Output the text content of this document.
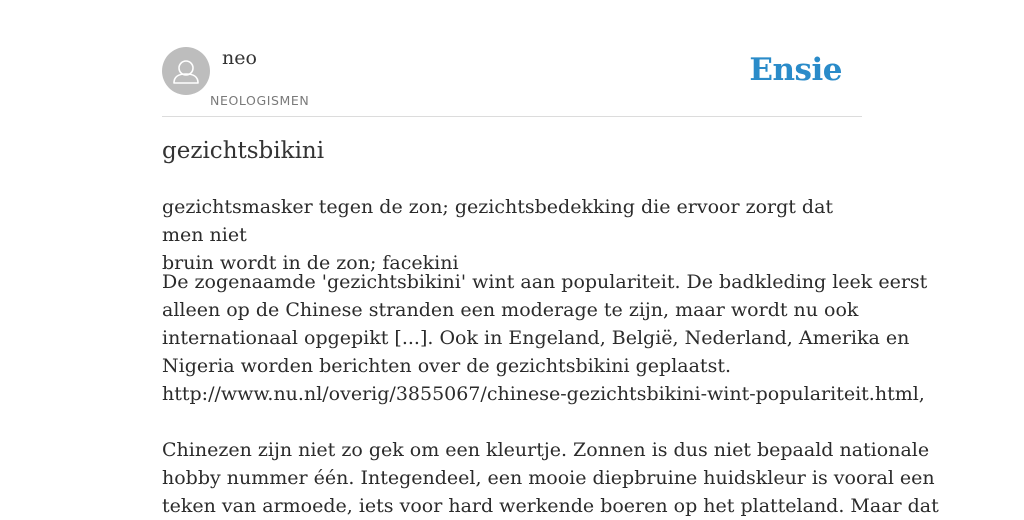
neo
NEOLOGISMEN
Ensie
gezichtsbikini

gezichtsmasker tegen de zon; gezichtsbedekking die ervoor zorgt dat men niet
bruin wordt in de zon; facekini

De zogenaamde 'gezichtsbikini' wint aan populariteit. De badkleding leek eerst
alleen op de Chinese stranden een moderage te zijn, maar wordt nu ook
internationaal opgepikt [...]. Ook in Engeland, België, Nederland, Amerika en
Nigeria worden berichten over de gezichtsbikini geplaatst.
http://www.nu.nl/overig/3855067/chinese-gezichtsbikini-wint-populariteit.html,
Chinezen zijn niet zo gek om een kleurtje. Zonnen is dus niet bepaald nationale
hobby nummer één. Integendeel, een mooie diepbruine huidskleur is vooral een
teken van armoede, iets voor hard werkende boeren op het platteland. Maar dat
